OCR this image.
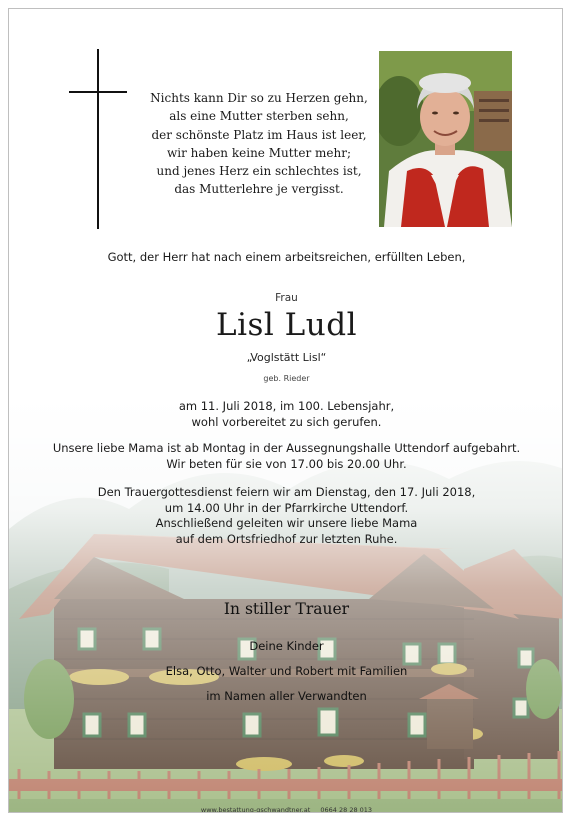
Nichts kann Dir so zu Herzen gehn,
als eine Mutter sterben sehn,
der schönste Platz im Haus ist leer,
wir haben keine Mutter mehr;
und jenes Herz ein schlechtes ist,
das Mutterlehre je vergisst.
Gott, der Herr hat nach einem arbeitsreichen, erfüllten Leben,
Frau
Lisl Ludl
„Voglstätt Lisl“
geb. Rieder
am 11. Juli 2018, im 100. Lebensjahr,
wohl vorbereitet zu sich gerufen.
Unsere liebe Mama ist ab Montag in der Aussegnungshalle Uttendorf aufgebahrt.
Wir beten für sie von 17.00 bis 20.00 Uhr.
Den Trauergottesdienst feiern wir am Dienstag, den 17. Juli 2018,
um 14.00 Uhr in der Pfarrkirche Uttendorf.
Anschließend geleiten wir unsere liebe Mama
auf dem Ortsfriedhof zur letzten Ruhe.
In stiller Trauer
Deine Kinder
Elsa, Otto, Walter und Robert mit Familien
im Namen aller Verwandten
www.bestattung-gschwandtner.at 0664 28 28 013
